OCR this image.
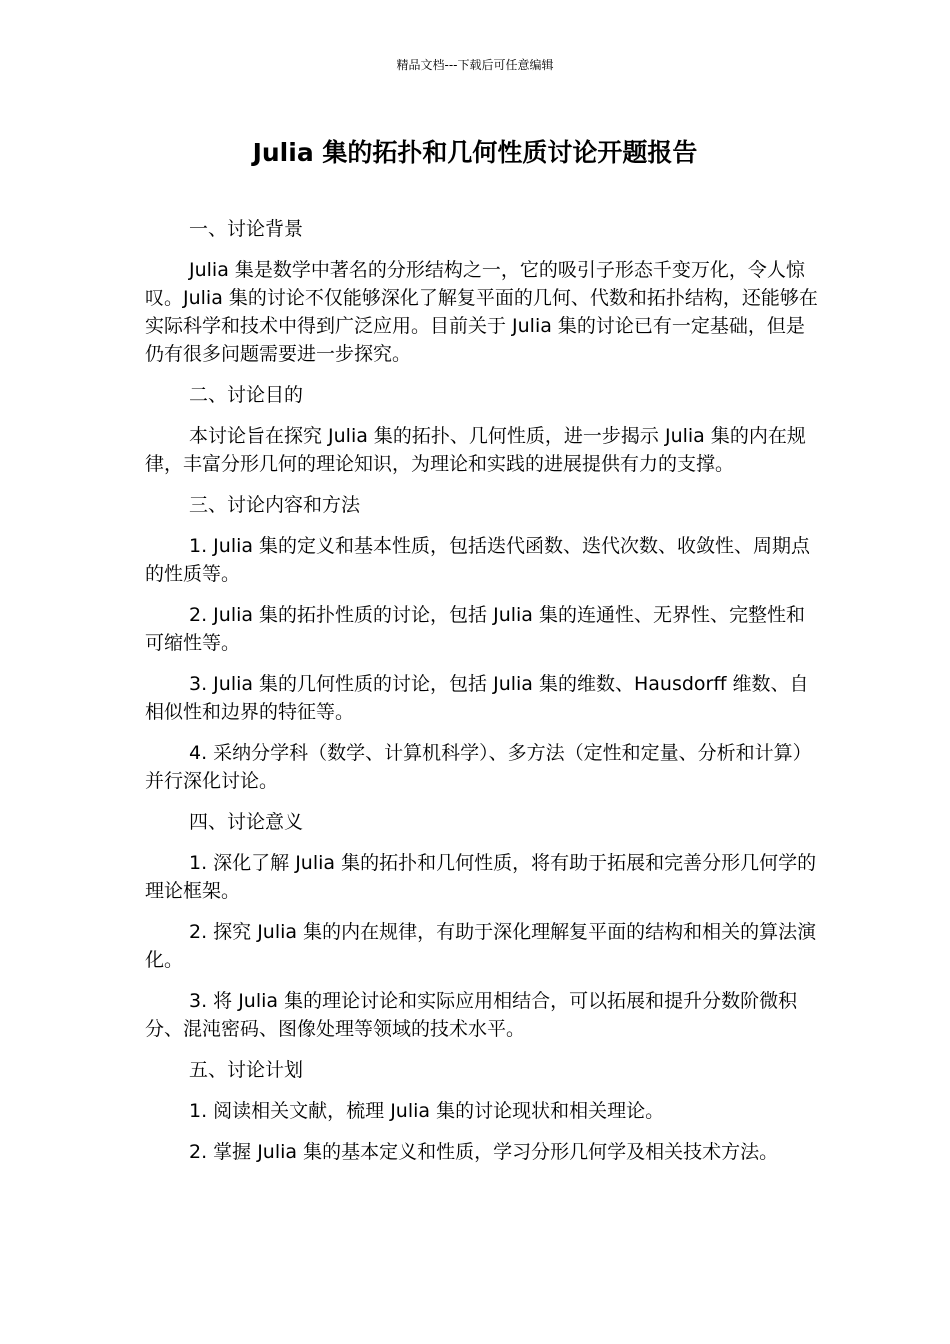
精品文档---下载后可任意编辑
Julia 集的拓扑和几何性质讨论开题报告

一、讨论背景

Julia 集是数学中著名的分形结构之一，它的吸引子形态千变万化，令人惊叹。Julia 集的讨论不仅能够深化了解复平面的几何、代数和拓扑结构，还能够在实际科学和技术中得到广泛应用。目前关于 Julia 集的讨论已有一定基础，但是仍有很多问题需要进一步探究。

二、讨论目的

本讨论旨在探究 Julia 集的拓扑、几何性质，进一步揭示 Julia 集的内在规律，丰富分形几何的理论知识，为理论和实践的进展提供有力的支撑。

三、讨论内容和方法

1. Julia 集的定义和基本性质，包括迭代函数、迭代次数、收敛性、周期点的性质等。

2. Julia 集的拓扑性质的讨论，包括 Julia 集的连通性、无界性、完整性和可缩性等。

3. Julia 集的几何性质的讨论，包括 Julia 集的维数、Hausdorff 维数、自相似性和边界的特征等。

4. 采纳分学科（数学、计算机科学）、多方法（定性和定量、分析和计算）并行深化讨论。

四、讨论意义

1. 深化了解 Julia 集的拓扑和几何性质，将有助于拓展和完善分形几何学的理论框架。

2. 探究 Julia 集的内在规律，有助于深化理解复平面的结构和相关的算法演化。

3. 将 Julia 集的理论讨论和实际应用相结合，可以拓展和提升分数阶微积分、混沌密码、图像处理等领域的技术水平。

五、讨论计划

1. 阅读相关文献，梳理 Julia 集的讨论现状和相关理论。

2. 掌握 Julia 集的基本定义和性质，学习分形几何学及相关技术方法。
